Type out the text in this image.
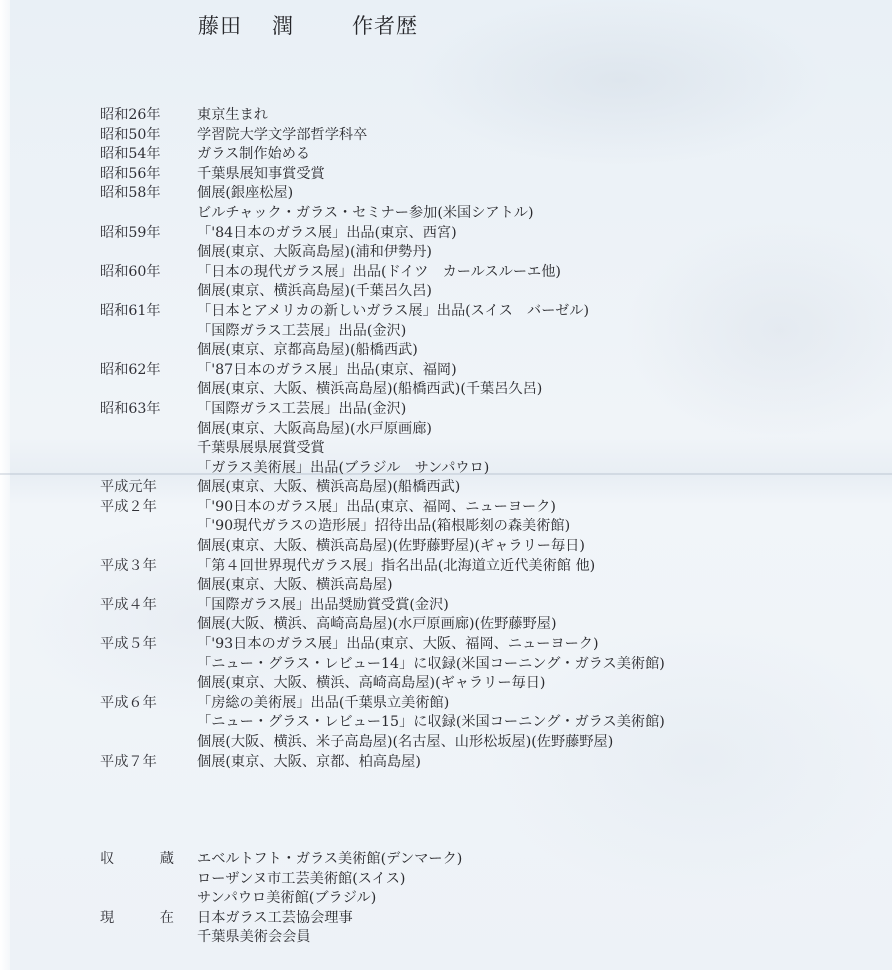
藤田 潤	作者歴
昭和26年	東京生まれ
昭和50年	学習院大学文学部哲学科卒
昭和54年	ガラス制作始める
昭和56年	千葉県展知事賞受賞
昭和58年	個展(銀座松屋)
ビルチャック・ガラス・セミナー参加(米国シアトル)
昭和59年	「'84日本のガラス展」出品(東京、西宮)
個展(東京、大阪高島屋)(浦和伊勢丹)
昭和60年	「日本の現代ガラス展」出品(ドイツ　カールスルーエ他)
個展(東京、横浜高島屋)(千葉呂久呂)
昭和61年	「日本とアメリカの新しいガラス展」出品(スイス　バーゼル)
「国際ガラス工芸展」出品(金沢)
個展(東京、京都高島屋)(船橋西武)
昭和62年	「'87日本のガラス展」出品(東京、福岡)
個展(東京、大阪、横浜高島屋)(船橋西武)(千葉呂久呂)
昭和63年	「国際ガラス工芸展」出品(金沢)
個展(東京、大阪高島屋)(水戸原画廊)
千葉県展県展賞受賞
「ガラス美術展」出品(ブラジル　サンパウロ)
平成元年	個展(東京、大阪、横浜高島屋)(船橋西武)
平成２年	「'90日本のガラス展」出品(東京、福岡、ニューヨーク)
「'90現代ガラスの造形展」招待出品(箱根彫刻の森美術館)
個展(東京、大阪、横浜高島屋)(佐野藤野屋)(ギャラリー毎日)
平成３年	「第４回世界現代ガラス展」指名出品(北海道立近代美術館 他)
個展(東京、大阪、横浜高島屋)
平成４年	「国際ガラス展」出品奨励賞受賞(金沢)
個展(大阪、横浜、高崎高島屋)(水戸原画廊)(佐野藤野屋)
平成５年	「'93日本のガラス展」出品(東京、大阪、福岡、ニューヨーク)
「ニュー・グラス・レビュー14」に収録(米国コーニング・ガラス美術館)
個展(東京、大阪、横浜、高崎高島屋)(ギャラリー毎日)
平成６年	「房総の美術展」出品(千葉県立美術館)
「ニュー・グラス・レビュー15」に収録(米国コーニング・ガラス美術館)
個展(大阪、横浜、米子高島屋)(名古屋、山形松坂屋)(佐野藤野屋)
平成７年	個展(東京、大阪、京都、柏高島屋)
収	蔵 エベルトフト・ガラス美術館(デンマーク)
ローザンヌ市工芸美術館(スイス)
サンパウロ美術館(ブラジル)
現	在 日本ガラス工芸協会理事
千葉県美術会会員
